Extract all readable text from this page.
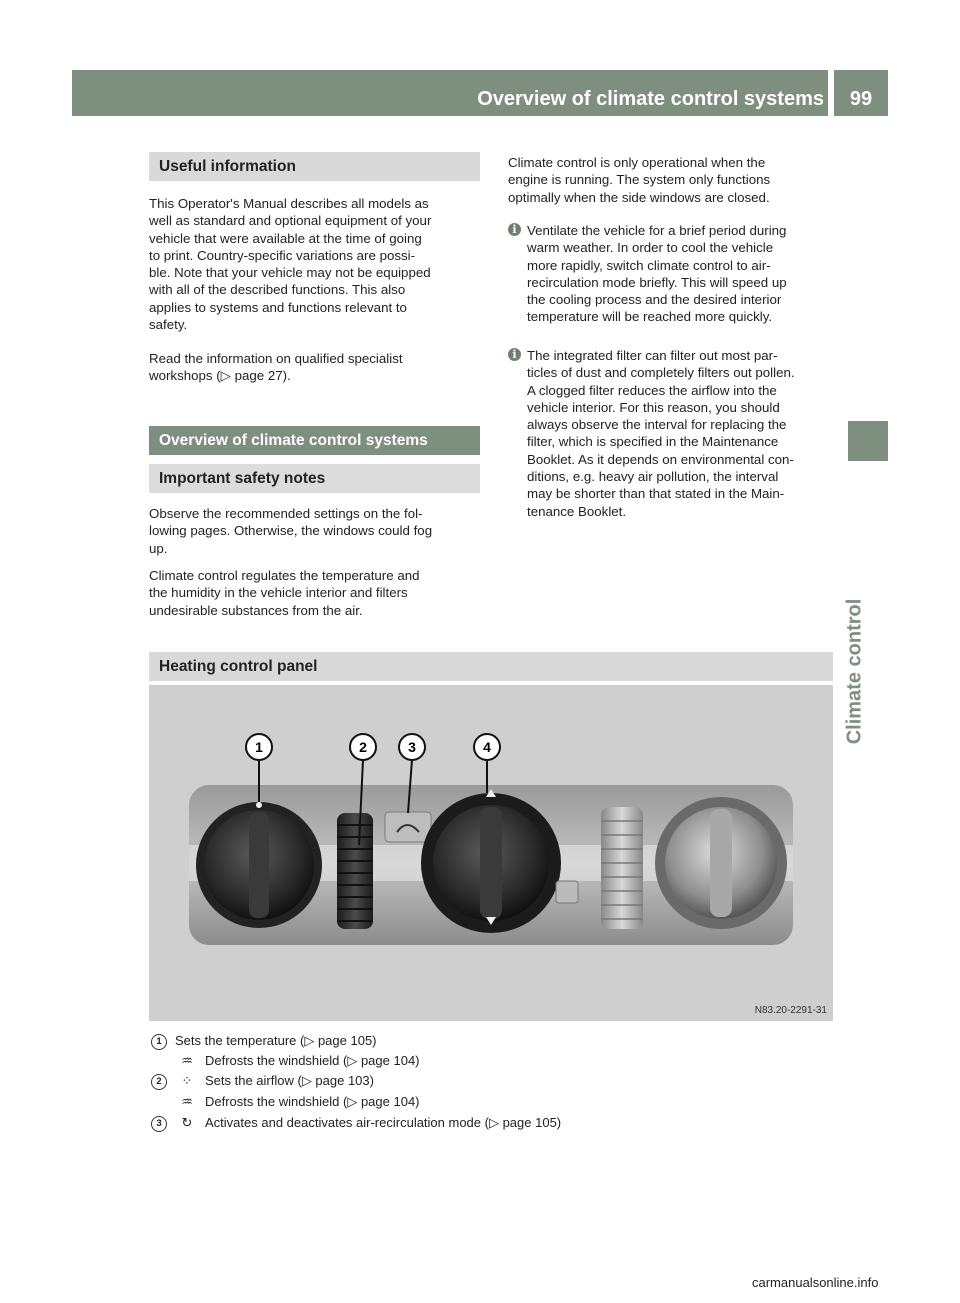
Overview of climate control systems	99
Climate control
Useful information
This Operator's Manual describes all models as
well as standard and optional equipment of your
vehicle that were available at the time of going
to print. Country-specific variations are possi-
ble. Note that your vehicle may not be equipped
with all of the described functions. This also
applies to systems and functions relevant to
safety.
Read the information on qualified specialist
workshops (▷ page 27).
Overview of climate control systems
Important safety notes
Observe the recommended settings on the fol-
lowing pages. Otherwise, the windows could fog
up.
Climate control regulates the temperature and
the humidity in the vehicle interior and filters
undesirable substances from the air.
Climate control is only operational when the
engine is running. The system only functions
optimally when the side windows are closed.
i Ventilate the vehicle for a brief period during
warm weather. In order to cool the vehicle
more rapidly, switch climate control to air-
recirculation mode briefly. This will speed up
the cooling process and the desired interior
temperature will be reached more quickly.
i The integrated filter can filter out most par-
ticles of dust and completely filters out pollen.
A clogged filter reduces the airflow into the
vehicle interior. For this reason, you should
always observe the interval for replacing the
filter, which is specified in the Maintenance
Booklet. As it depends on environmental con-
ditions, e.g. heavy air pollution, the interval
may be shorter than that stated in the Main-
tenance Booklet.
Heating control panel
1	2	3	4
N83.20-2291-31
1 Sets the temperature (▷ page 105)
♒ Defrosts the windshield (▷ page 104)
2 ⁘ Sets the airflow (▷ page 103)
♒ Defrosts the windshield (▷ page 104)
3 ↻ Activates and deactivates air-recirculation mode (▷ page 105)
carmanualsonline.info
